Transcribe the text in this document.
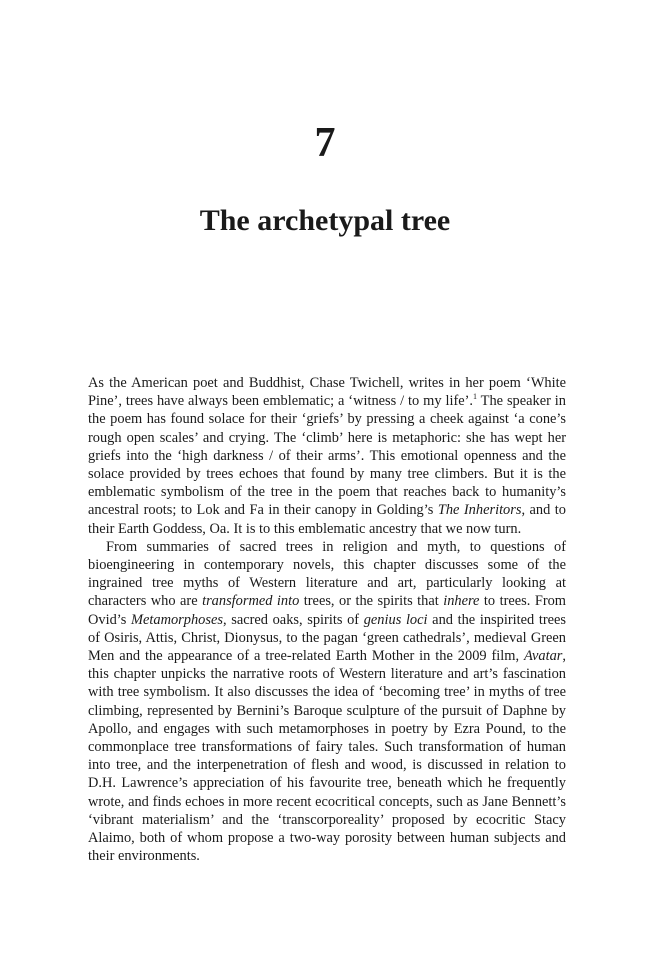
7
The archetypal tree

As the American poet and Buddhist, Chase Twichell, writes in her poem ‘White Pine’, trees have always been emblematic; a ‘witness / to my life’.$^1$ The speaker in the poem has found solace for their ‘griefs’ by pressing a cheek against ‘a cone’s rough open scales’ and crying. The ‘climb’ here is metaphoric: she has wept her griefs into the ‘high darkness / of their arms’. This emotional openness and the solace provided by trees echoes that found by many tree climbers. But it is the emblematic symbolism of the tree in the poem that reaches back to humanity’s ancestral roots; to Lok and Fa in their canopy in Golding’s The Inheritors, and to their Earth Goddess, Oa. It is to this emblematic ancestry that we now turn.

From summaries of sacred trees in religion and myth, to questions of bioengineering in contemporary novels, this chapter discusses some of the ingrained tree myths of Western literature and art, particularly looking at characters who are transformed into trees, or the spirits that inhere to trees. From Ovid’s Metamorphoses, sacred oaks, spirits of genius loci and the inspirited trees of Osiris, Attis, Christ, Dionysus, to the pagan ‘green cathedrals’, medieval Green Men and the appearance of a tree-related Earth Mother in the 2009 film, Avatar, this chapter unpicks the narrative roots of Western literature and art’s fascination with tree symbolism. It also discusses the idea of ‘becoming tree’ in myths of tree climbing, represented by Bernini’s Baroque sculpture of the pursuit of Daphne by Apollo, and engages with such metamorphoses in poetry by Ezra Pound, to the commonplace tree transformations of fairy tales. Such transformation of human into tree, and the interpenetration of flesh and wood, is discussed in relation to D.H. Lawrence’s appreciation of his favourite tree, beneath which he frequently wrote, and finds echoes in more recent ecocritical concepts, such as Jane Bennett’s ‘vibrant materialism’ and the ‘transcorporeality’ proposed by ecocritic Stacy Alaimo, both of whom propose a two-way porosity between human subjects and their environments.
